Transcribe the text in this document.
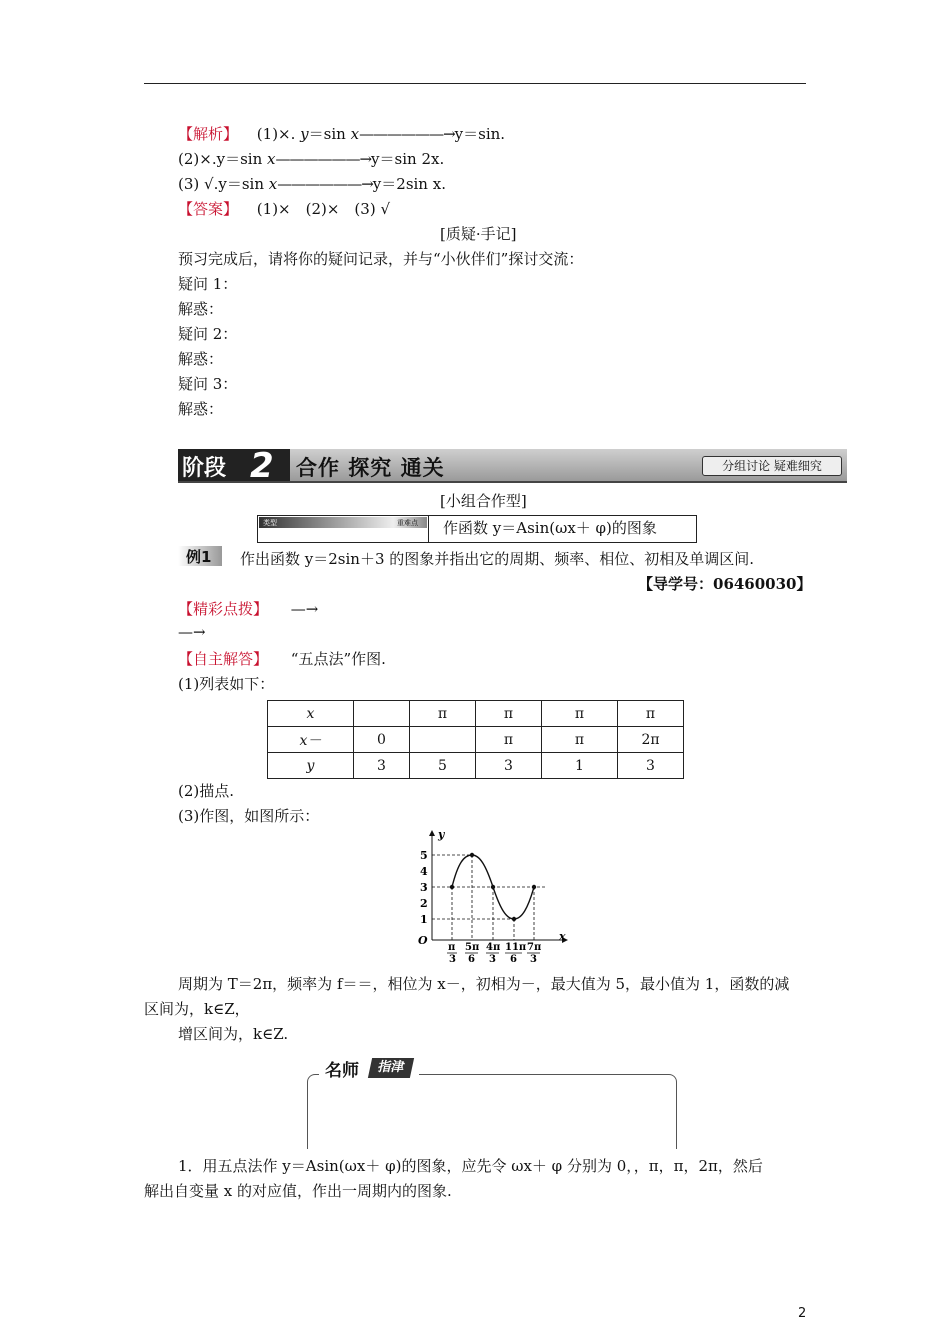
【解析】 (1)×. y＝sin x——————→y＝sin.
(2)×.y＝sin x——————→y＝sin 2x.
(3) √.y＝sin x——————→y＝2sin x.
【答案】 (1)×　(2)×　(3) √
[质疑·手记]
预习完成后，请将你的疑问记录，并与“小伙伴们”探讨交流：
疑问 1：
解惑：
疑问 2：
解惑：
疑问 3：
解惑：
阶段 2 合作 探究 通关	分组讨论 疑难细究
[小组合作型]
类型	重难点 作函数 y＝Asin(ωx＋ φ)的图象
例1 作出函数 y＝2sin＋3 的图象并指出它的周期、频率、相位、初相及单调区间.
【导学号：06460030】
【精彩点拨】 —→
—→
【自主解答】 “五点法”作图.
(1)列表如下：
x		π	π	π	π
x－	0		π	π	2π
y	3	5	3	1	3
(2)描点.
(3)作图，如图所示：
y
x
O
1
2
3
4
5
π
3
5π
6
4π
3
11π
6
7π
3
周期为 T＝2π，频率为 f＝＝，相位为 x－，初相为－，最大值为 5，最小值为 1，函数的减
区间为，k∈Z，
增区间为，k∈Z.
名师	指津
1．用五点法作 y＝Asin(ωx＋ φ)的图象，应先令 ωx＋ φ 分别为 0，，π，π，2π，然后
解出自变量 x 的对应值，作出一周期内的图象.
2
